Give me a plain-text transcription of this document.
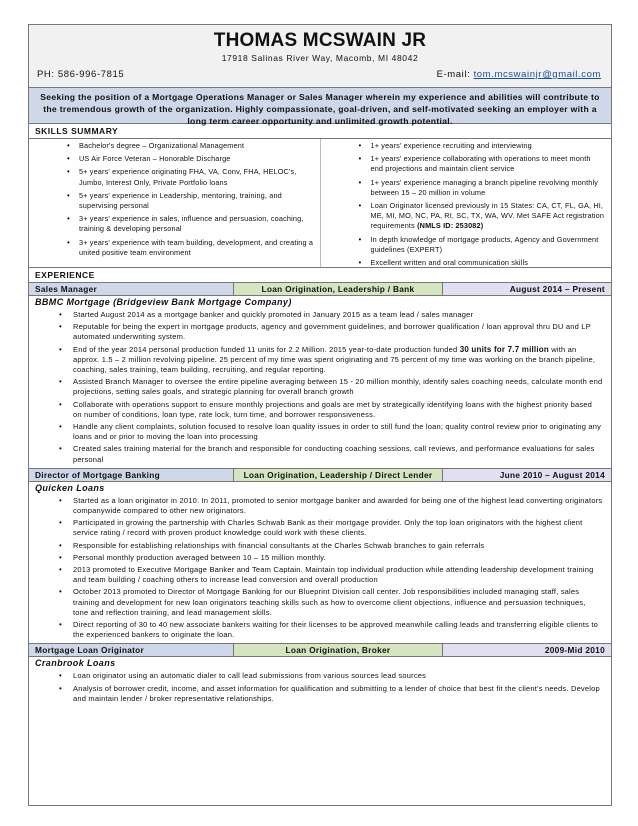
THOMAS MCSWAIN JR
17918 Salinas River Way, Macomb, MI 48042
PH: 586-996-7815	E-mail: tom.mcswainjr@gmail.com
Seeking the position of a Mortgage Operations Manager or Sales Manager wherein my experience and abilities will contribute to the tremendous growth of the organization. Highly compassionate, goal-driven, and self-motivated seeking an employer with a long term career opportunity and unlimited growth potential.
SKILLS SUMMARY
• Bachelor's degree – Organizational Management
• US Air Force Veteran – Honorable Discharge
• 5+ years' experience originating FHA, VA, Conv, FHA, HELOC's, Jumbo, Interest Only, Private Portfolio loans
• 5+ years' experience in Leadership, mentoring, training, and supervising personal
• 3+ years' experience in sales, influence and persuasion, coaching, training & developing personal
• 3+ years' experience with team building, development, and creating a united positive team environment
• 1+ years' experience recruiting and interviewing
• 1+ years' experience collaborating with operations to meet month end projections and maintain client service
• 1+ years' experience managing a branch pipeline revolving monthly between 15 – 20 million in volume
• Loan Originator licensed previously in 15 States: CA, CT, FL, GA, HI, ME, MI, MO, NC, PA, RI, SC, TX, WA, WV. Met SAFE Act registration requirements (NMLS ID: 253082)
• In depth knowledge of mortgage products, Agency and Government guidelines (EXPERT)
• Excellent written and oral communication skills
EXPERIENCE
Sales Manager	Loan Origination, Leadership / Bank	August 2014 – Present
BBMC Mortgage (Bridgeview Bank Mortgage Company)
• Started August 2014 as a mortgage banker and quickly promoted in January 2015 as a team lead / sales manager
• Reputable for being the expert in mortgage products, agency and government guidelines, and borrower qualification / loan approval thru DU and LP automated underwriting system.
• End of the year 2014 personal production funded 11 units for 2.2 Million. 2015 year-to-date production funded 30 units for 7.7 million with an approx. 1.5 – 2 million revolving pipeline. 25 percent of my time was spent originating and 75 percent of my time was working on the branch pipeline, coaching, sales training, team building, recruiting, and regular reporting.
• Assisted Branch Manager to oversee the entire pipeline averaging between 15 - 20 million monthly, identify sales coaching needs, calculate month end projections, setting sales goals, and strategic planning for overall branch growth
• Collaborate with operations support to ensure monthly projections and goals are met by strategically identifying loans with the highest priority based on number of conditions, loan type, rate lock, turn time, and borrower responsiveness.
• Handle any client complaints, solution focused to resolve loan quality issues in order to still fund the loan; quality control review prior to originating any loans and or prior to moving the loan into processing
• Created sales training material for the branch and responsible for conducting coaching sessions, call reviews, and performance evaluations for sales personal
Director of Mortgage Banking	Loan Origination, Leadership / Direct Lender	June 2010 – August 2014
Quicken Loans
• Started as a loan originator in 2010. In 2011, promoted to senior mortgage banker and awarded for being one of the highest lead converting originators companywide compared to other new originators.
• Participated in growing the partnership with Charles Schwab Bank as their mortgage provider. Only the top loan originators with the highest client service rating / record with proven product knowledge could work with these clients.
• Responsible for establishing relationships with financial consultants at the Charles Schwab branches to gain referrals
• Personal monthly production averaged between 10 – 15 million monthly.
• 2013 promoted to Executive Mortgage Banker and Team Captain. Maintain top individual production while attending leadership development training and team building / coaching others to increase lead conversion and overall production
• October 2013 promoted to Director of Mortgage Banking for our Blueprint Division call center. Job responsibilities included managing staff, sales training and development for new loan originators teaching skills such as how to overcome client objections, influence and persuasion techniques, tone and reflection training, and lead management skills.
• Direct reporting of 30 to 40 new associate bankers waiting for their licenses to be approved meanwhile calling leads and transferring eligible clients to the experienced bankers to originate the loan.
Mortgage Loan Originator	Loan Origination, Broker	2009-Mid 2010
Cranbrook Loans
• Loan originator using an automatic dialer to call lead submissions from various sources lead sources
• Analysis of borrower credit, income, and asset information for qualification and submitting to a lender of choice that best fit the client's needs. Develop and maintain lender / broker representative relationships.
